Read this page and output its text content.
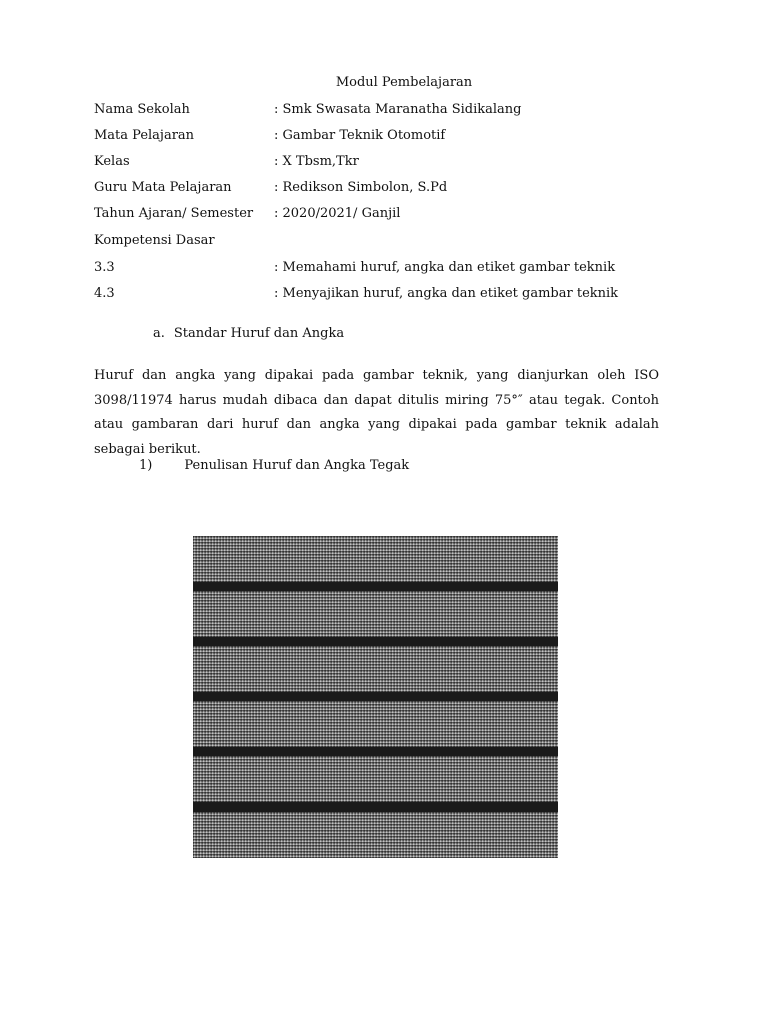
Modul Pembelajaran
Nama Sekolah	: Smk Swasata Maranatha Sidikalang
Mata Pelajaran	: Gambar Teknik Otomotif
Kelas	: X Tbsm,Tkr
Guru Mata Pelajaran	: Redikson Simbolon, S.Pd
Tahun Ajaran/ Semester : 2020/2021/ Ganjil
Kompetensi Dasar
3.3	: Memahami huruf, angka dan etiket gambar teknik
4.3	: Menyajikan huruf, angka dan etiket gambar teknik
a. Standar Huruf dan Angka
Huruf dan angka yang dipakai pada gambar teknik, yang dianjurkan oleh ISO 3098/11974 harus mudah dibaca dan dapat ditulis miring 75°″ atau tegak. Contoh atau gambaran dari huruf dan angka yang dipakai pada gambar teknik adalah sebagai berikut.
1) Penulisan Huruf dan Angka Tegak
